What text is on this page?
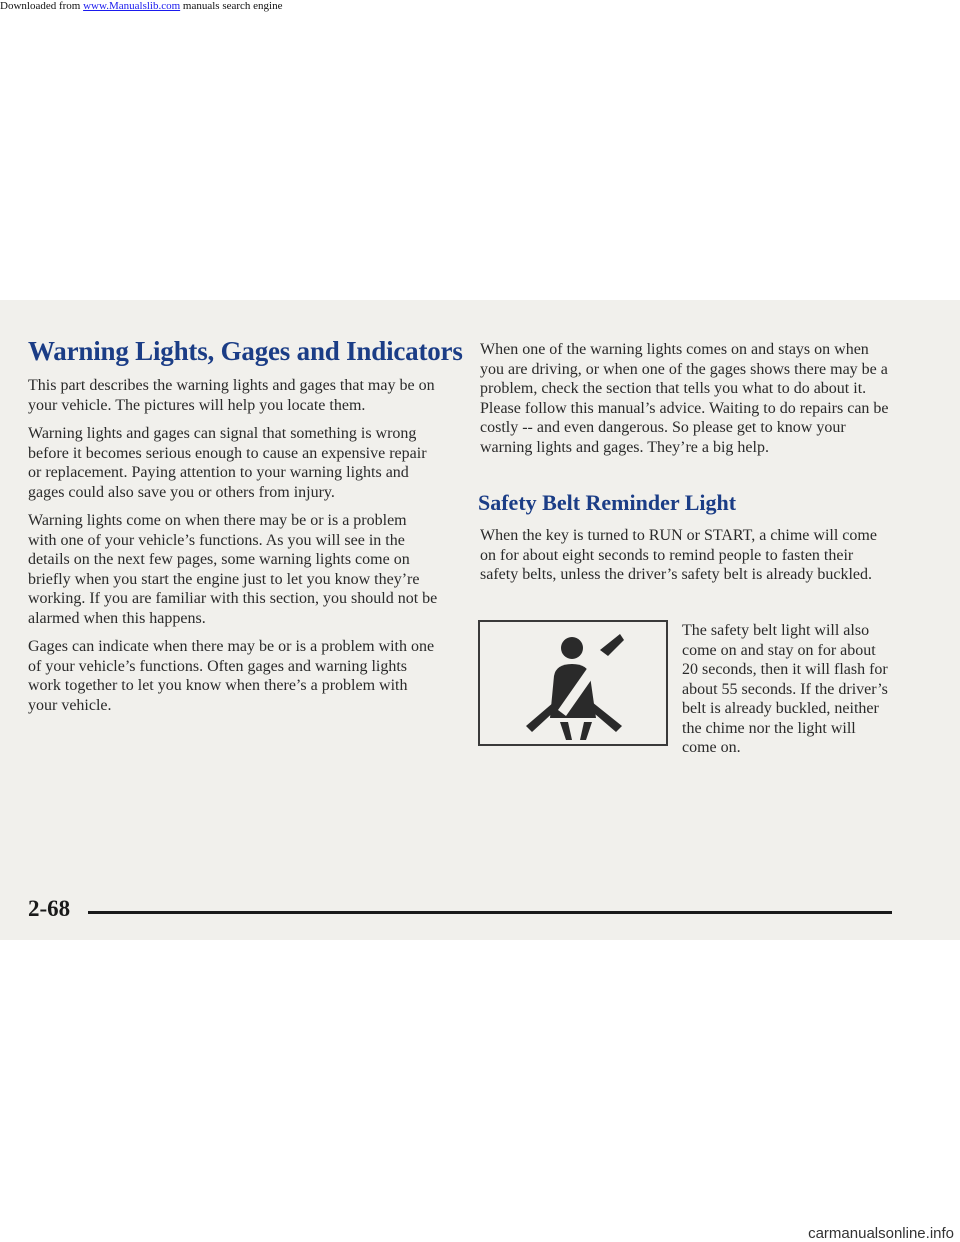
Downloaded from www.Manualslib.com manuals search engine
Warning Lights, Gages and Indicators

This part describes the warning lights and gages that may be on your vehicle. The pictures will help you locate them.

Warning lights and gages can signal that something is wrong before it becomes serious enough to cause an expensive repair or replacement. Paying attention to your warning lights and gages could also save you or others from injury.

Warning lights come on when there may be or is a problem with one of your vehicle’s functions. As you will see in the details on the next few pages, some warning lights come on briefly when you start the engine just to let you know they’re working. If you are familiar with this section, you should not be alarmed when this happens.

Gages can indicate when there may be or is a problem with one of your vehicle’s functions. Often gages and warning lights work together to let you know when there’s a problem with your vehicle.

When one of the warning lights comes on and stays on when you are driving, or when one of the gages shows there may be a problem, check the section that tells you what to do about it. Please follow this manual’s advice. Waiting to do repairs can be costly -- and even dangerous. So please get to know your warning lights and gages. They’re a big help.

Safety Belt Reminder Light

When the key is turned to RUN or START, a chime will come on for about eight seconds to remind people to fasten their safety belts, unless the driver’s safety belt is already buckled.

The safety belt light will also come on and stay on for about 20 seconds, then it will flash for about 55 seconds. If the driver’s belt is already buckled, neither the chime nor the light will come on.

2-68

carmanualsonline.info
